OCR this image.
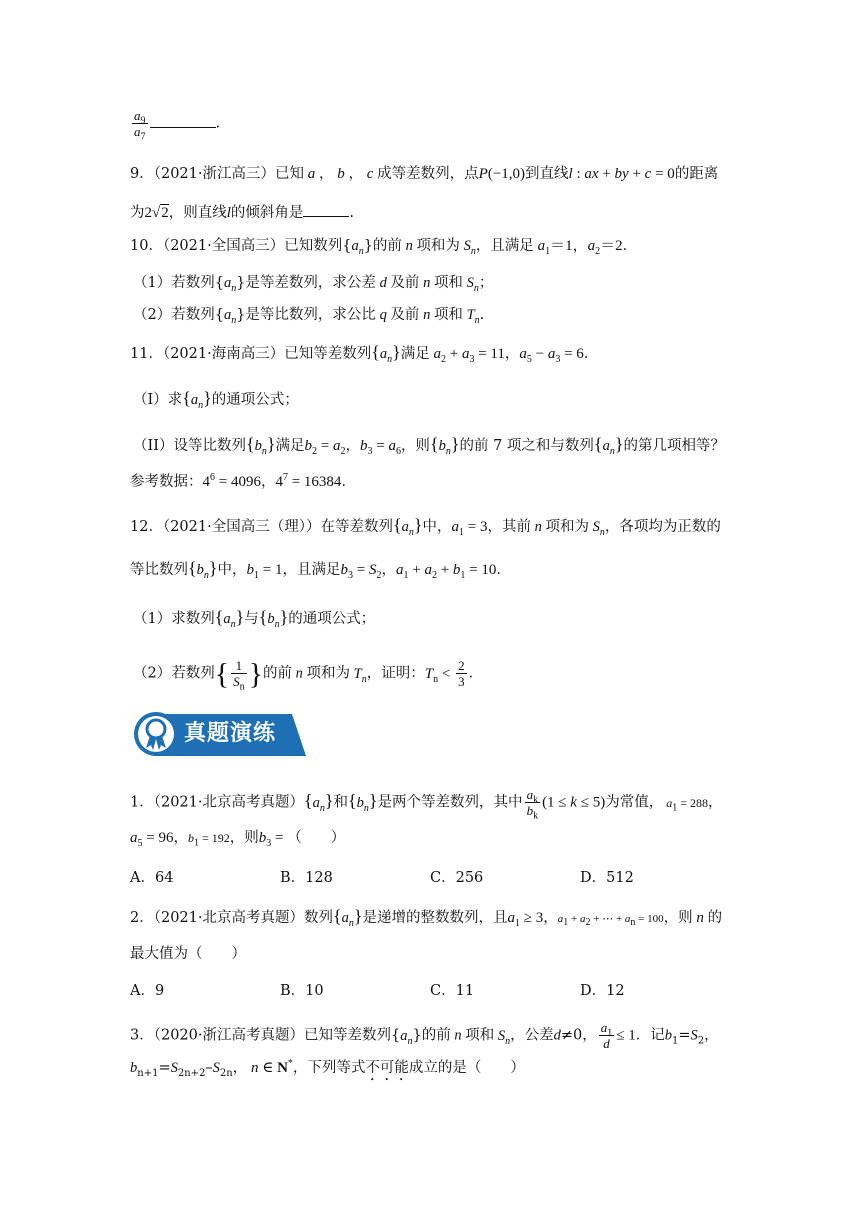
$\frac{a_9}{a_7}$	.
9．（2021·浙江高三）已知 a ， b ， c 成等差数列，点P(−1,0)到直线l : ax + by + c = 0的距离
为2√2，则直线l的倾斜角是	.
10．（2021·全国高三）已知数列$\{a_n\}$的前 n 项和为 $S_n$，且满足 $a_1=1$，$a_2=2$．
（1）若数列$\{a_n\}$是等差数列，求公差 d 及前 n 项和 $S_n$；
（2）若数列$\{a_n\}$是等比数列，求公比 q 及前 n 项和 $T_n$.
11．（2021·海南高三）已知等差数列$\{a_n\}$满足 $a_2 + a_3 = 11$，$a_5 - a_3 = 6$．
（I）求$\{a_n\}$的通项公式；
（II）设等比数列$\{b_n\}$满足$b_2 = a_2$，$b_3 = a_6$，则$\{b_n\}$的前 7 项之和与数列$\{a_n\}$的第几项相等？
参考数据：$4^6 = 4096$，$4^7 = 16384$．
12．（2021·全国高三（理））在等差数列$\{a_n\}$中，$a_1 = 3$，其前 n 项和为 $S_n$，各项均为正数的
等比数列$\{b_n\}$中，$b_1 = 1$，且满足$b_3 = S_2$，$a_1 + a_2 + b_1 = 10$．
（1）求数列$\{a_n\}$与$\{b_n\}$的通项公式；
（2）若数列{ $\frac{1}{S_n}$ }的前 n 项和为 $T_n$，证明：$T_n < \frac{2}{3}$ ．
真题演练
1．（2021·北京高考真题）$\{a_n\}$和$\{b_n\}$是两个等差数列，其中 $\frac{a_k}{b_k} (1 \le k \le 5)$为常值， $a_1 = 288$，
$a_5 = 96$，$b_1 = 192$，则$b_3$ = （　　）
A．64	B．128	C．256	D．512
2．（2021·北京高考真题）数列$\{a_n\}$是递增的整数数列，且$a_1 \ge 3$，$a_1 + a_2$ + ⋯ + $a_n = 100$，则 n 的
最大值为（　　）
A．9	B．10	C．11	D．12
3．（2020·浙江高考真题）已知等差数列$\{a_n\}$的前 n 项和 $S_n$，公差d≠0， $\frac{a_1}{d} \le 1$．记$b_1=S_2$，
$b_{n+1}=S_{2n+2}-S_{2n}$， n ∈ N*，下列等式不可能成立的是（　　）
